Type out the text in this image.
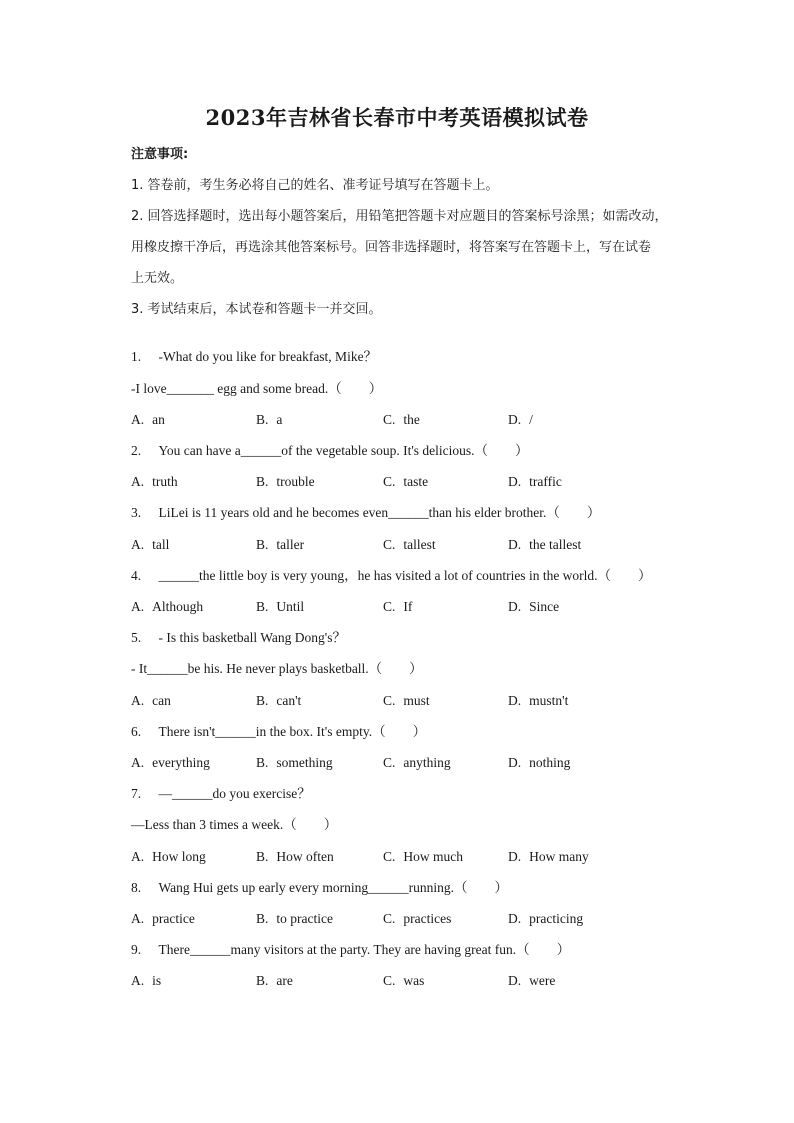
2023年吉林省长春市中考英语模拟试卷
注意事项:
1. 答卷前，考生务必将自己的姓名、准考证号填写在答题卡上。
2. 回答选择题时，选出每小题答案后，用铅笔把答题卡对应题目的答案标号涂黑；如需改动，
用橡皮擦干净后，再选涂其他答案标号。回答非选择题时，将答案写在答题卡上，写在试卷
上无效。
3. 考试结束后，本试卷和答题卡一并交回。
1. -What do you like for breakfast, Mike？
-I love_______ egg and some bread.（　　）
A. an	B. a	C. the	D. /
2. You can have a______of the vegetable soup. It's delicious.（　　）
A. truth	B. trouble	C. taste	D. traffic
3. LiLei is 11 years old and he becomes even______than his elder brother.（　　）
A. tall	B. taller	C. tallest	D. the tallest
4. ______the little boy is very young，he has visited a lot of countries in the world.（　　）
A. Although	B. Until	C. If	D. Since
5. - Is this basketball Wang Dong's？
- It______be his. He never plays basketball.（　　）
A. can	B. can't	C. must	D. mustn't
6. There isn't______in the box. It's empty.（　　）
A. everything	B. something	C. anything	D. nothing
7. —______do you exercise？
—Less than 3 times a week.（　　）
A. How long	B. How often	C. How much	D. How many
8. Wang Hui gets up early every morning______running.（　　）
A. practice	B. to practice	C. practices	D. practicing
9. There______many visitors at the party. They are having great fun.（　　）
A. is	B. are	C. was	D. were
